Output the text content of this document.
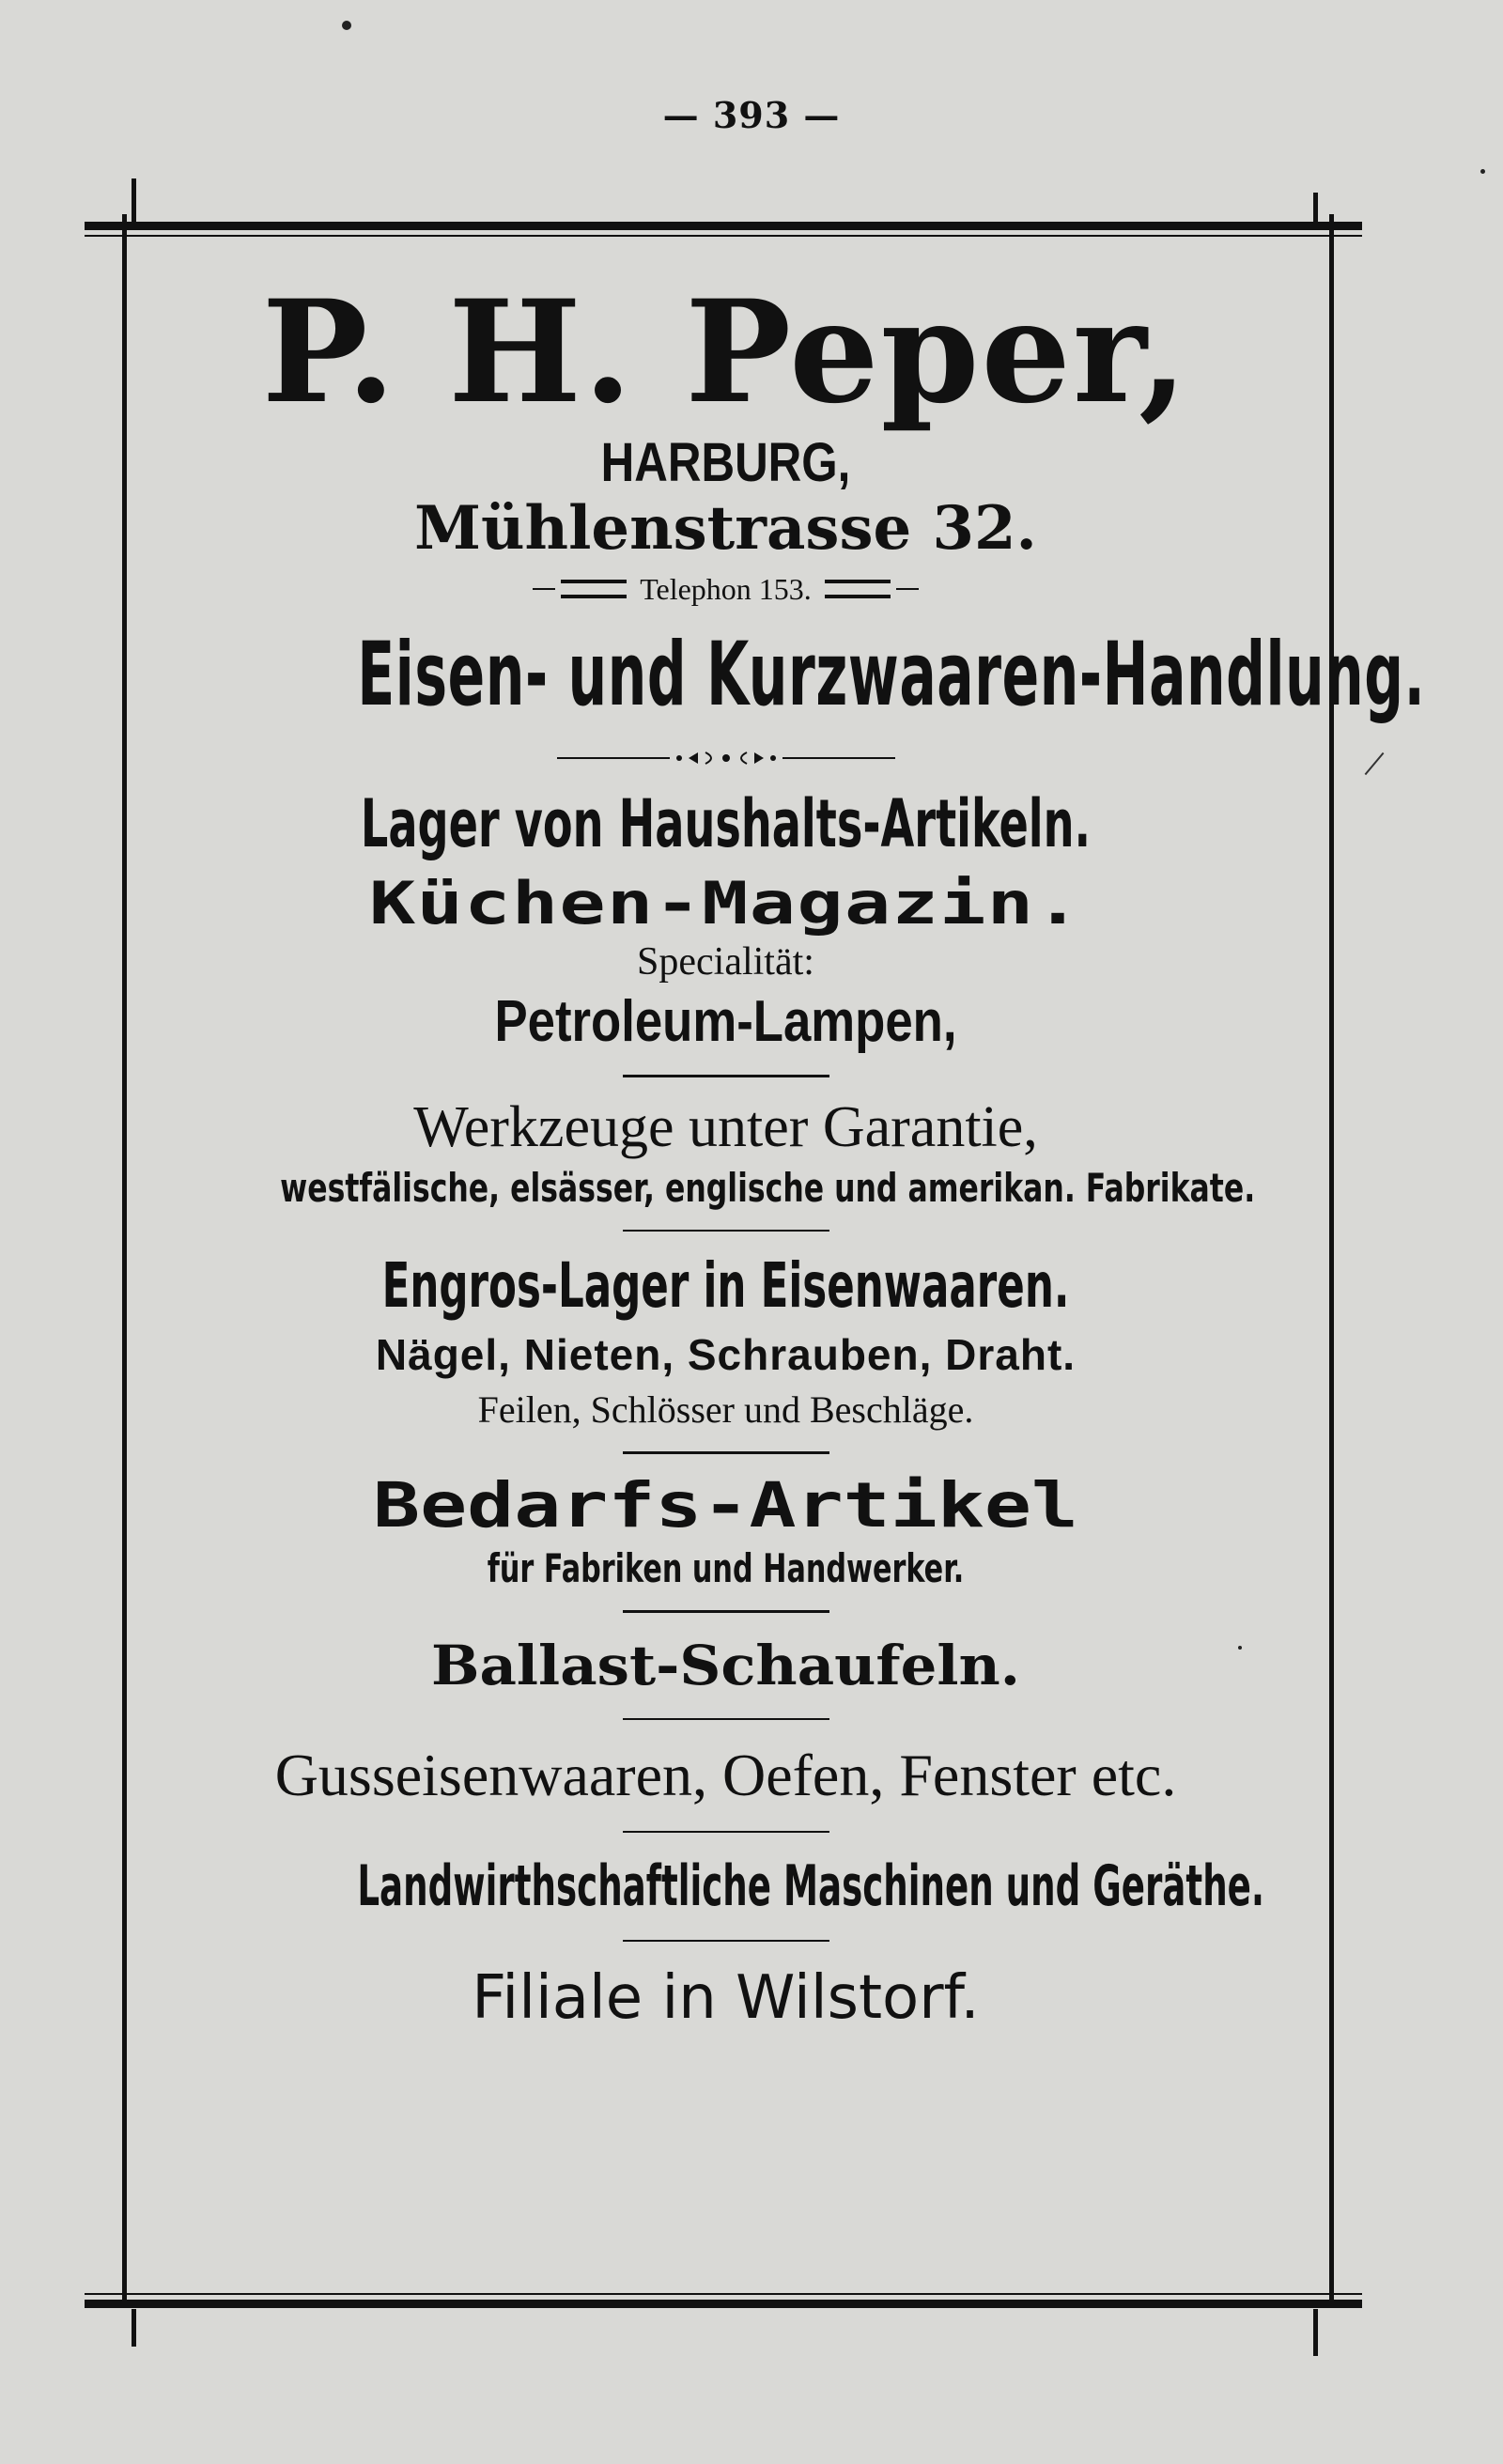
— 393 —
P. H. Peper,
HARBURG,
Mühlenstrasse 32.
Telephon 153.
Eisen- und Kurzwaaren-Handlung.
Lager von Haushalts-Artikeln.
Küchen-Magazin.
Specialität:
Petroleum-Lampen,
Werkzeuge unter Garantie,
westfälische, elsässer, englische und amerikan. Fabrikate.
Engros-Lager in Eisenwaaren.
Nägel, Nieten, Schrauben, Draht.
Feilen, Schlösser und Beschläge.
Bedarfs-Artikel
für Fabriken und Handwerker.
Ballast-Schaufeln.
Gusseisenwaaren, Oefen, Fenster etc.
Landwirthschaftliche Maschinen und Geräthe.
Filiale in Wilstorf.
